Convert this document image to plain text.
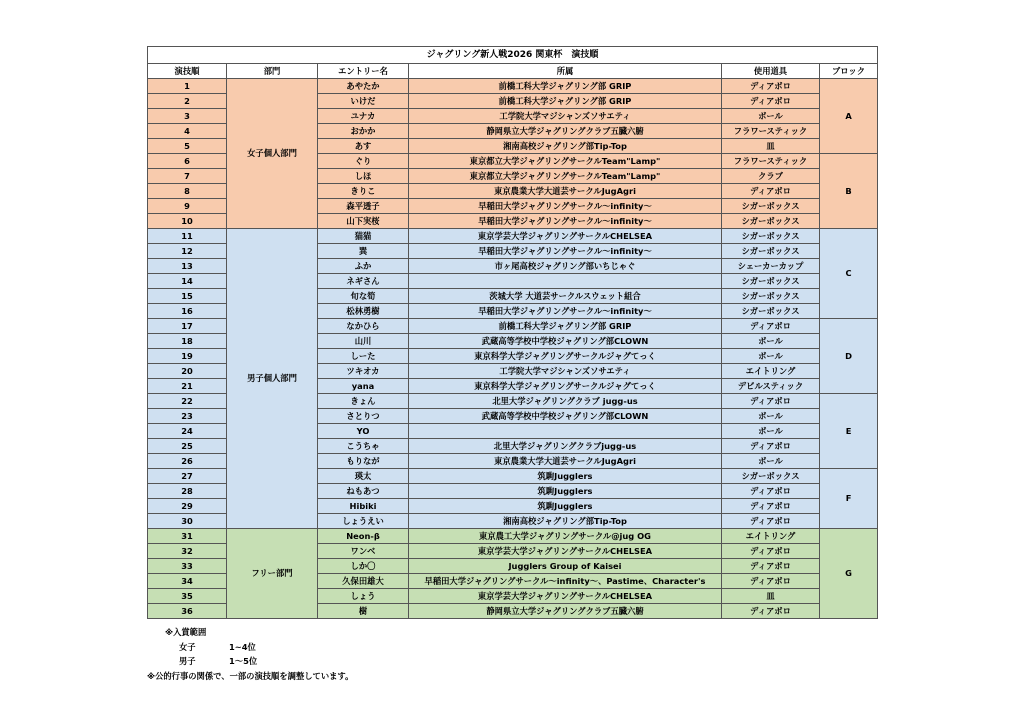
ジャグリング新人戦2026 関東杯　演技順					
演技順	部門	エントリー名	所属	使用道具	ブロック
1	女子個人部門	あやたか	前橋工科大学ジャグリング部 GRIP	ディアボロ	A
2		いけだ	前橋工科大学ジャグリング部 GRIP	ディアボロ	
3		ユナカ	工学院大学マジシャンズソサエティ	ボール	
4		おかか	静岡県立大学ジャグリングクラブ五臓六腑	フラワースティック	
5		あす	湘南高校ジャグリング部Tip-Top	皿	
6		ぐり	東京都立大学ジャグリングサークルTeam"Lamp"	フラワースティック	B
7		しほ	東京都立大学ジャグリングサークルTeam"Lamp"	クラブ	
8		きりこ	東京農業大学大道芸サークルJugAgri	ディアボロ	
9		森平透子	早稲田大学ジャグリングサークル～infinity～	シガーボックス	
10		山下実桜	早稲田大学ジャグリングサークル～infinity～	シガーボックス	
11	男子個人部門	猫猫	東京学芸大学ジャグリングサークルCHELSEA	シガーボックス	C
12		巽	早稲田大学ジャグリングサークル～infinity～	シガーボックス	
13		ふか	市ヶ尾高校ジャグリング部いちじゃぐ	シェーカーカップ	
14		ネギさん		シガーボックス	
15		旬な筍	茨城大学 大道芸サークルスウェット組合	シガーボックス	
16		松林勇樹	早稲田大学ジャグリングサークル～infinity～	シガーボックス	
17		なかひら	前橋工科大学ジャグリング部 GRIP	ディアボロ	D
18		山川	武蔵高等学校中学校ジャグリング部CLOWN	ボール	
19		しーた	東京科学大学ジャグリングサークルジャグてっく	ボール	
20		ツキオカ	工学院大学マジシャンズソサエティ	エイトリング	
21		yana	東京科学大学ジャグリングサークルジャグてっく	デビルスティック	
22		きょん	北里大学ジャグリングクラブ jugg-us	ディアボロ	E
23		さとりつ	武蔵高等学校中学校ジャグリング部CLOWN	ボール	
24		YO		ボール	
25		こうちゃ	北里大学ジャグリングクラブjugg-us	ディアボロ	
26		もりなが	東京農業大学大道芸サークルJugAgri	ボール	
27		瑛太	筑駒Jugglers	シガーボックス	F
28		ねもあつ	筑駒Jugglers	ディアボロ	
29		Hibiki	筑駒Jugglers	ディアボロ	
30		しょうえい	湘南高校ジャグリング部Tip-Top	ディアボロ	
31	フリー部門	Neon-β	東京農工大学ジャグリングサークル@jug OG	エイトリング	G
32		ワンベ	東京学芸大学ジャグリングサークルCHELSEA	ディアボロ	
33		しか〇	Jugglers Group of Kaisei	ディアボロ	
34		久保田雄大	早稲田大学ジャグリングサークル～infinity～、Pastime、Character's	ディアボロ	
35		しょう	東京学芸大学ジャグリングサークルCHELSEA	皿	
36		樹	静岡県立大学ジャグリングクラブ五臓六腑	ディアボロ	
※入賞範囲
女子	1~4位
男子	1～5位
※公的行事の関係で、一部の演技順を調整しています。
